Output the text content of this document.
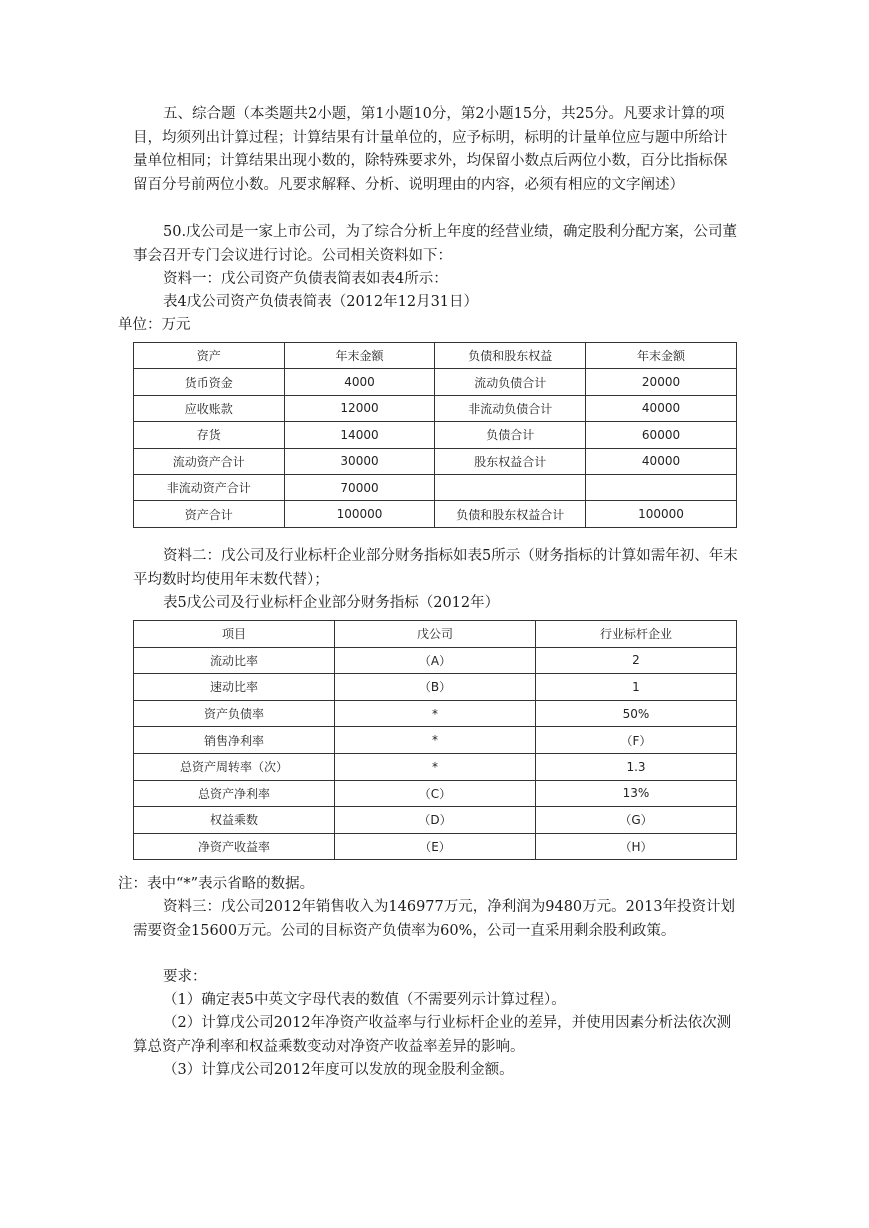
五、综合题（本类题共2小题，第1小题10分，第2小题15分，共25分。凡要求计算的项目，均须列出计算过程；计算结果有计量单位的，应予标明，标明的计量单位应与题中所给计量单位相同；计算结果出现小数的，除特殊要求外，均保留小数点后两位小数，百分比指标保留百分号前两位小数。凡要求解释、分析、说明理由的内容，必须有相应的文字阐述）

50.戊公司是一家上市公司，为了综合分析上年度的经营业绩，确定股利分配方案，公司董事会召开专门会议进行讨论。公司相关资料如下：

资料一：戊公司资产负债表简表如表4所示：

表4戊公司资产负债表简表（2012年12月31日）

单位：万元

资产	年末金额	负债和股东权益	年末金额
货币资金	4000	流动负债合计	20000
应收账款	12000	非流动负债合计	40000
存货	14000	负债合计	60000
流动资产合计	30000	股东权益合计	40000
非流动资产合计	70000		
资产合计	100000	负债和股东权益合计	100000

资料二：戊公司及行业标杆企业部分财务指标如表5所示（财务指标的计算如需年初、年末平均数时均使用年末数代替）；

表5戊公司及行业标杆企业部分财务指标（2012年）

项目	戊公司	行业标杆企业
流动比率	（A）	2
速动比率	（B）	1
资产负债率	*	50%
销售净利率	*	（F）
总资产周转率（次）	*	1.3
总资产净利率	（C）	13%
权益乘数	（D）	（G）
净资产收益率	（E）	（H）

注：表中“*”表示省略的数据。

资料三：戊公司2012年销售收入为146977万元，净利润为9480万元。2013年投资计划需要资金15600万元。公司的目标资产负债率为60%，公司一直采用剩余股利政策。

要求：

（1）确定表5中英文字母代表的数值（不需要列示计算过程）。

（2）计算戊公司2012年净资产收益率与行业标杆企业的差异，并使用因素分析法依次测算总资产净利率和权益乘数变动对净资产收益率差异的影响。

（3）计算戊公司2012年度可以发放的现金股利金额。
